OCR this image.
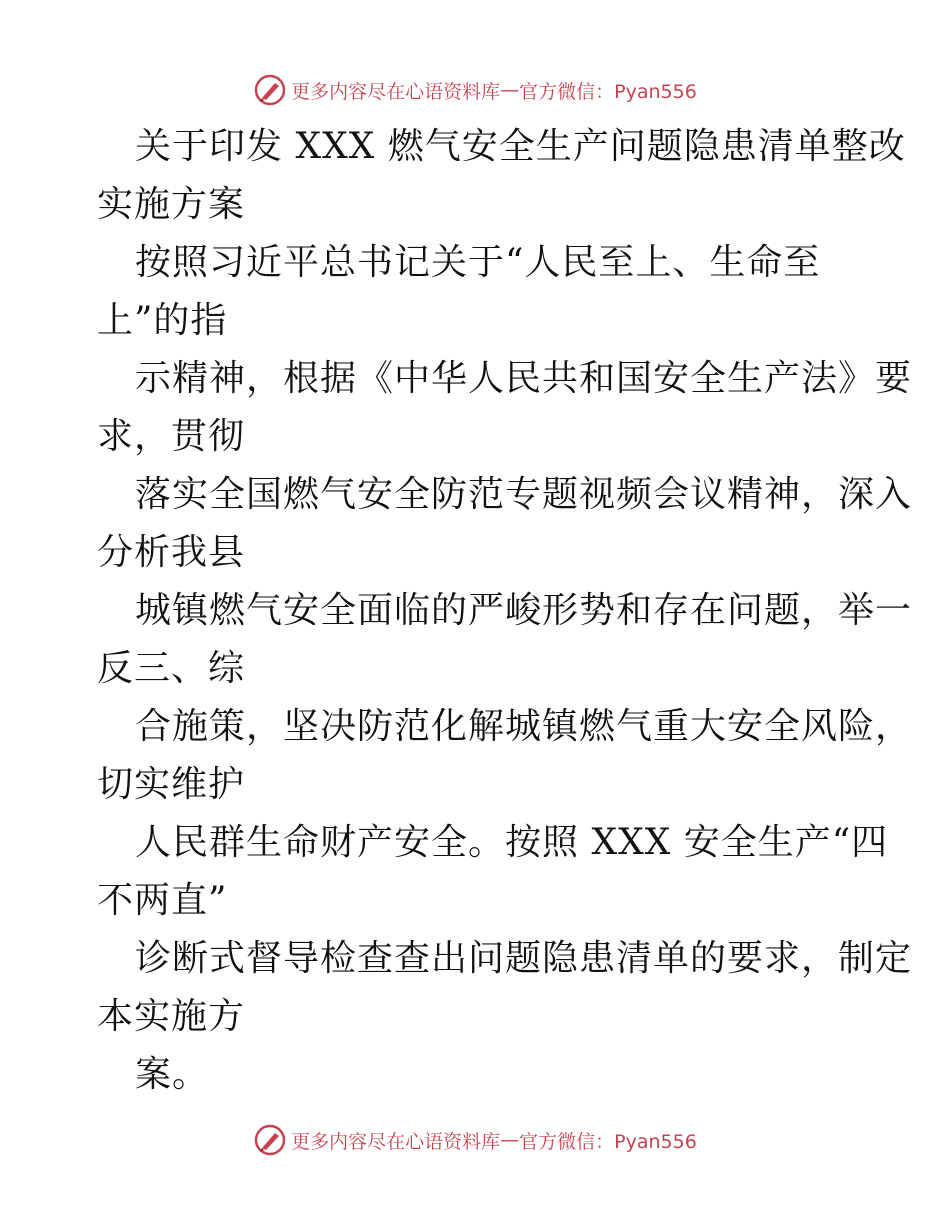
更多内容尽在心语资料库 — 官方微信：Pyan556
关于印发 XXX 燃气安全生产问题隐患清单整改
实施方案
按照习近平总书记关于“人民至上、生命至
上”的指
示精神，根据《中华人民共和国安全生产法》要
求，贯彻
落实全国燃气安全防范专题视频会议精神，深入
分析我县
城镇燃气安全面临的严峻形势和存在问题，举一
反三、综
合施策，坚决防范化解城镇燃气重大安全风险，
切实维护
人民群生命财产安全。按照 XXX 安全生产“四
不两直”
诊断式督导检查查出问题隐患清单的要求，制定
本实施方
案。
更多内容尽在心语资料库 — 官方微信：Pyan556
